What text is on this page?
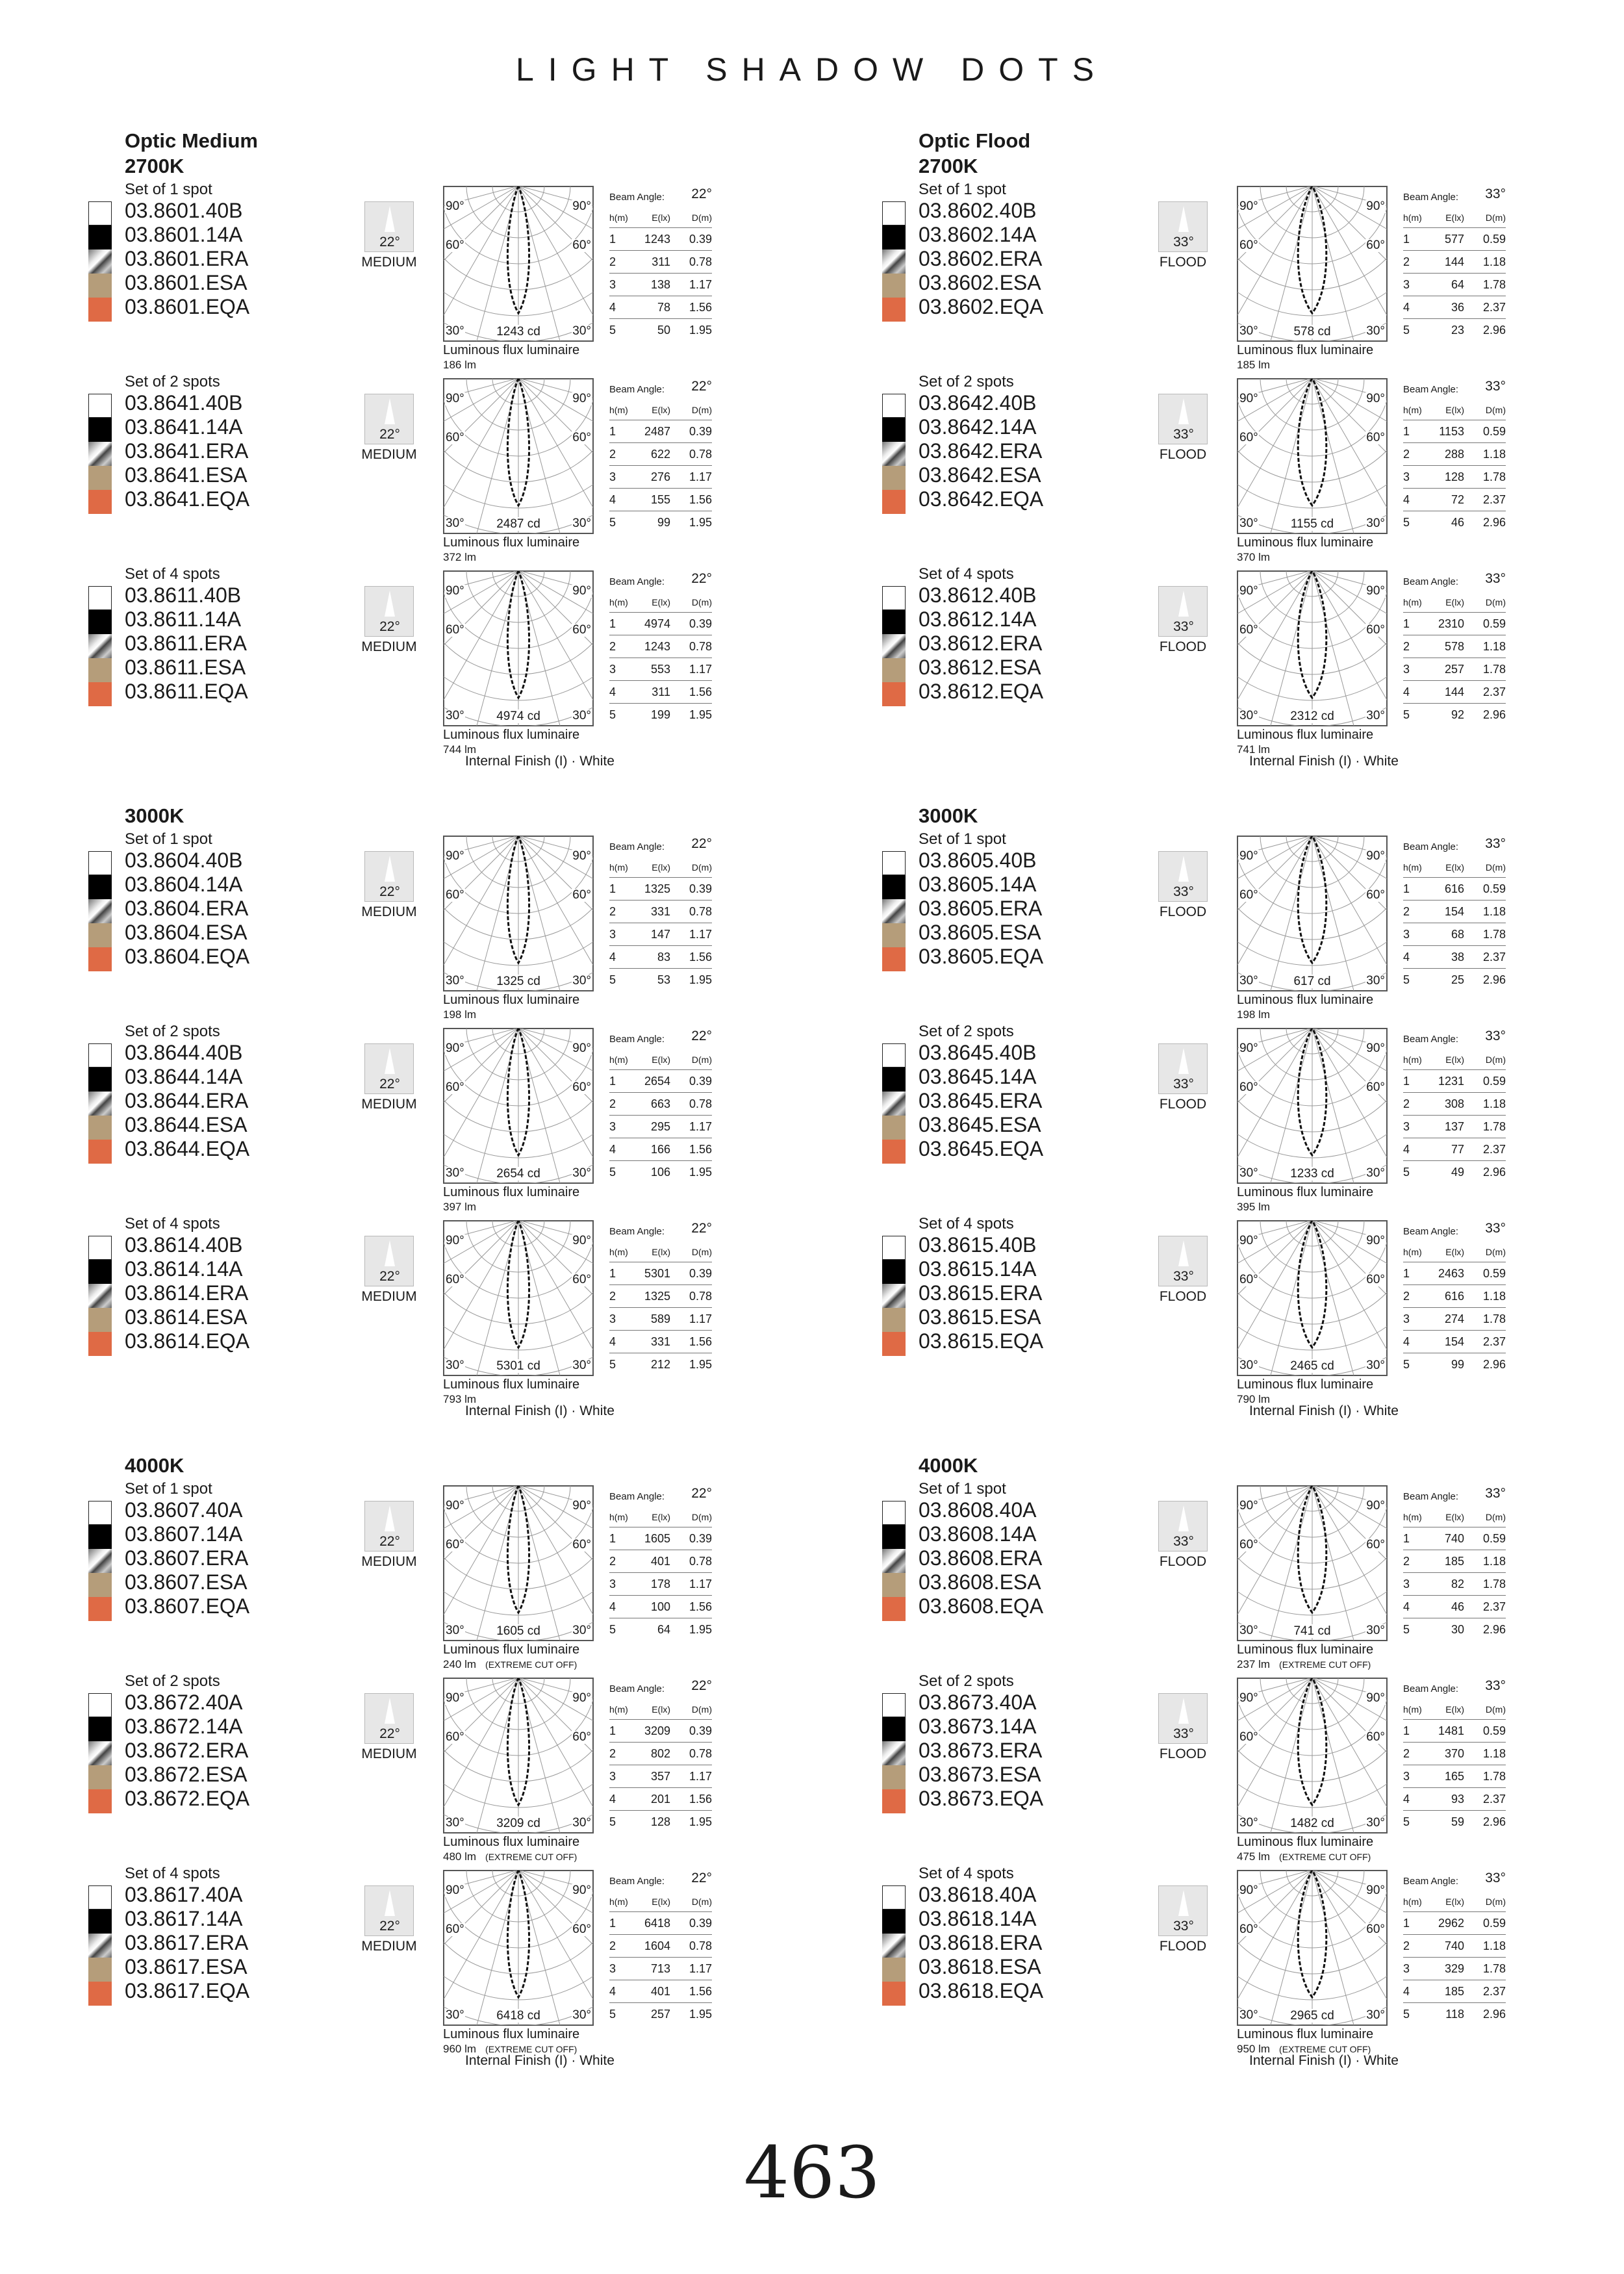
LIGHT SHADOW DOTS
Optic Medium
2700K
Set of 1 spot
03.8601.40B
03.8601.14A
03.8601.ERA
03.8601.ESA
03.8601.EQA
22°
MEDIUM
90°	90°
60°	60°
30°	30°
1243 cd
Luminous flux luminaire
186 lm
Beam Angle: 22°
h(m)	E(lx)	D(m)
1	1243	0.39
2	311	0.78
3	138	1.17
4	78	1.56
5	50	1.95
Set of 2 spots
03.8641.40B
03.8641.14A
03.8641.ERA
03.8641.ESA
03.8641.EQA
22°
MEDIUM
90°	90°
60°	60°
30°	30°
2487 cd
Luminous flux luminaire
372 lm
Beam Angle: 22°
h(m)	E(lx)	D(m)
1	2487	0.39
2	622	0.78
3	276	1.17
4	155	1.56
5	99	1.95
Set of 4 spots
03.8611.40B
03.8611.14A
03.8611.ERA
03.8611.ESA
03.8611.EQA
22°
MEDIUM
90°	90°
60°	60°
30°	30°
4974 cd
Luminous flux luminaire
744 lm
Beam Angle: 22°
h(m)	E(lx)	D(m)
1	4974	0.39
2	1243	0.78
3	553	1.17
4	311	1.56
5	199	1.95
Internal Finish (I) · White
3000K
Set of 1 spot
03.8604.40B
03.8604.14A
03.8604.ERA
03.8604.ESA
03.8604.EQA
22°
MEDIUM
90°	90°
60°	60°
30°	30°
1325 cd
Luminous flux luminaire
198 lm
Beam Angle: 22°
h(m)	E(lx)	D(m)
1	1325	0.39
2	331	0.78
3	147	1.17
4	83	1.56
5	53	1.95
Set of 2 spots
03.8644.40B
03.8644.14A
03.8644.ERA
03.8644.ESA
03.8644.EQA
22°
MEDIUM
90°	90°
60°	60°
30°	30°
2654 cd
Luminous flux luminaire
397 lm
Beam Angle: 22°
h(m)	E(lx)	D(m)
1	2654	0.39
2	663	0.78
3	295	1.17
4	166	1.56
5	106	1.95
Set of 4 spots
03.8614.40B
03.8614.14A
03.8614.ERA
03.8614.ESA
03.8614.EQA
22°
MEDIUM
90°	90°
60°	60°
30°	30°
5301 cd
Luminous flux luminaire
793 lm
Beam Angle: 22°
h(m)	E(lx)	D(m)
1	5301	0.39
2	1325	0.78
3	589	1.17
4	331	1.56
5	212	1.95
Internal Finish (I) · White
4000K
Set of 1 spot
03.8607.40A
03.8607.14A
03.8607.ERA
03.8607.ESA
03.8607.EQA
22°
MEDIUM
90°	90°
60°	60°
30°	30°
1605 cd
Luminous flux luminaire
240 lm (EXTREME CUT OFF)
Beam Angle: 22°
h(m)	E(lx)	D(m)
1	1605	0.39
2	401	0.78
3	178	1.17
4	100	1.56
5	64	1.95
Set of 2 spots
03.8672.40A
03.8672.14A
03.8672.ERA
03.8672.ESA
03.8672.EQA
22°
MEDIUM
90°	90°
60°	60°
30°	30°
3209 cd
Luminous flux luminaire
480 lm (EXTREME CUT OFF)
Beam Angle: 22°
h(m)	E(lx)	D(m)
1	3209	0.39
2	802	0.78
3	357	1.17
4	201	1.56
5	128	1.95
Set of 4 spots
03.8617.40A
03.8617.14A
03.8617.ERA
03.8617.ESA
03.8617.EQA
22°
MEDIUM
90°	90°
60°	60°
30°	30°
6418 cd
Luminous flux luminaire
960 lm (EXTREME CUT OFF)
Beam Angle: 22°
h(m)	E(lx)	D(m)
1	6418	0.39
2	1604	0.78
3	713	1.17
4	401	1.56
5	257	1.95
Internal Finish (I) · White
Optic Flood
2700K
Set of 1 spot
03.8602.40B
03.8602.14A
03.8602.ERA
03.8602.ESA
03.8602.EQA
33°
FLOOD
90°	90°
60°	60°
30°	30°
578 cd
Luminous flux luminaire
185 lm
Beam Angle: 33°
h(m)	E(lx)	D(m)
1	577	0.59
2	144	1.18
3	64	1.78
4	36	2.37
5	23	2.96
Set of 2 spots
03.8642.40B
03.8642.14A
03.8642.ERA
03.8642.ESA
03.8642.EQA
33°
FLOOD
90°	90°
60°	60°
30°	30°
1155 cd
Luminous flux luminaire
370 lm
Beam Angle: 33°
h(m)	E(lx)	D(m)
1	1153	0.59
2	288	1.18
3	128	1.78
4	72	2.37
5	46	2.96
Set of 4 spots
03.8612.40B
03.8612.14A
03.8612.ERA
03.8612.ESA
03.8612.EQA
33°
FLOOD
90°	90°
60°	60°
30°	30°
2312 cd
Luminous flux luminaire
741 lm
Beam Angle: 33°
h(m)	E(lx)	D(m)
1	2310	0.59
2	578	1.18
3	257	1.78
4	144	2.37
5	92	2.96
Internal Finish (I) · White
3000K
Set of 1 spot
03.8605.40B
03.8605.14A
03.8605.ERA
03.8605.ESA
03.8605.EQA
33°
FLOOD
90°	90°
60°	60°
30°	30°
617 cd
Luminous flux luminaire
198 lm
Beam Angle: 33°
h(m)	E(lx)	D(m)
1	616	0.59
2	154	1.18
3	68	1.78
4	38	2.37
5	25	2.96
Set of 2 spots
03.8645.40B
03.8645.14A
03.8645.ERA
03.8645.ESA
03.8645.EQA
33°
FLOOD
90°	90°
60°	60°
30°	30°
1233 cd
Luminous flux luminaire
395 lm
Beam Angle: 33°
h(m)	E(lx)	D(m)
1	1231	0.59
2	308	1.18
3	137	1.78
4	77	2.37
5	49	2.96
Set of 4 spots
03.8615.40B
03.8615.14A
03.8615.ERA
03.8615.ESA
03.8615.EQA
33°
FLOOD
90°	90°
60°	60°
30°	30°
2465 cd
Luminous flux luminaire
790 lm
Beam Angle: 33°
h(m)	E(lx)	D(m)
1	2463	0.59
2	616	1.18
3	274	1.78
4	154	2.37
5	99	2.96
Internal Finish (I) · White
4000K
Set of 1 spot
03.8608.40A
03.8608.14A
03.8608.ERA
03.8608.ESA
03.8608.EQA
33°
FLOOD
90°	90°
60°	60°
30°	30°
741 cd
Luminous flux luminaire
237 lm (EXTREME CUT OFF)
Beam Angle: 33°
h(m)	E(lx)	D(m)
1	740	0.59
2	185	1.18
3	82	1.78
4	46	2.37
5	30	2.96
Set of 2 spots
03.8673.40A
03.8673.14A
03.8673.ERA
03.8673.ESA
03.8673.EQA
33°
FLOOD
90°	90°
60°	60°
30°	30°
1482 cd
Luminous flux luminaire
475 lm (EXTREME CUT OFF)
Beam Angle: 33°
h(m)	E(lx)	D(m)
1	1481	0.59
2	370	1.18
3	165	1.78
4	93	2.37
5	59	2.96
Set of 4 spots
03.8618.40A
03.8618.14A
03.8618.ERA
03.8618.ESA
03.8618.EQA
33°
FLOOD
90°	90°
60°	60°
30°	30°
2965 cd
Luminous flux luminaire
950 lm (EXTREME CUT OFF)
Beam Angle: 33°
h(m)	E(lx)	D(m)
1	2962	0.59
2	740	1.18
3	329	1.78
4	185	2.37
5	118	2.96
Internal Finish (I) · White
463
